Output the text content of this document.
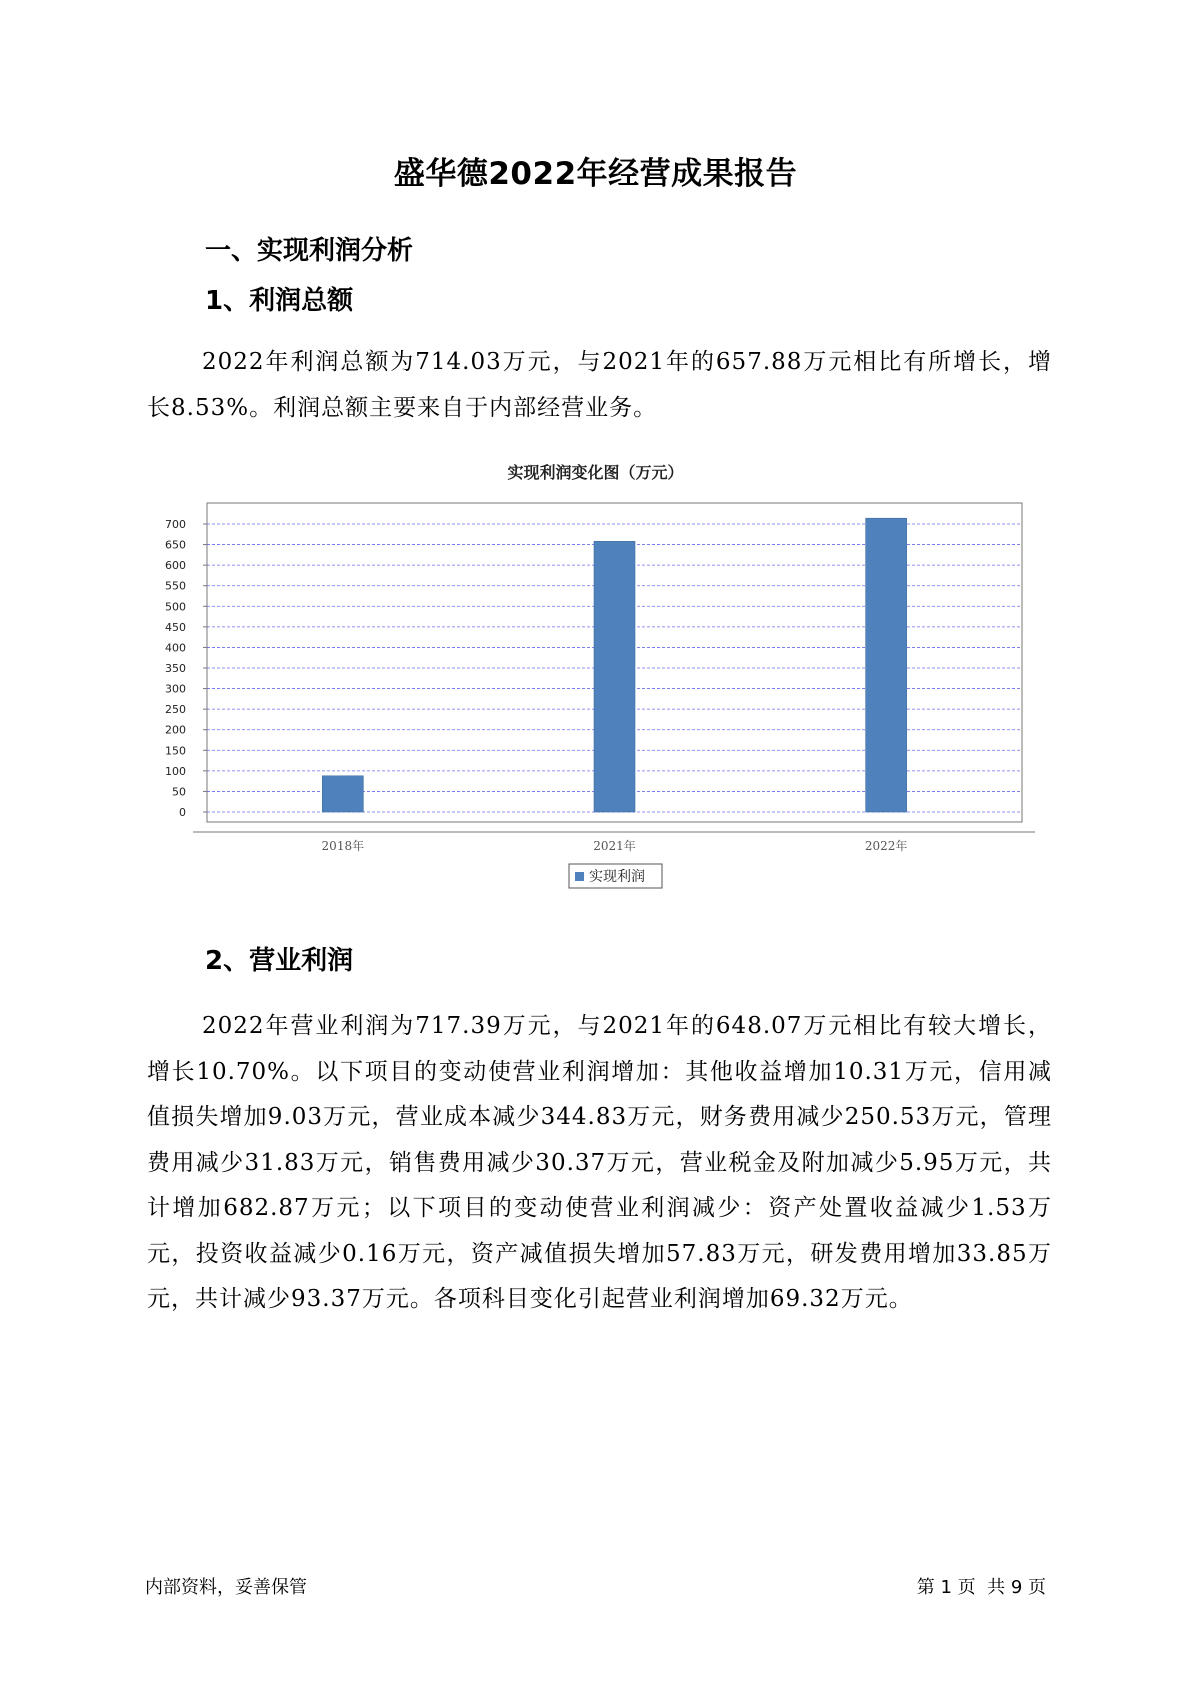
盛华德2022年经营成果报告
一、实现利润分析
1、利润总额

2022年利润总额为714.03万元，与2021年的657.88万元相比有所增长，增长8.53%。利润总额主要来自于内部经营业务。

实现利润变化图（万元）
0
50
100
150
200
250
300
350
400
450
500
550
600
650
700
2018年	2021年	2022年
实现利润
2、营业利润

2022年营业利润为717.39万元，与2021年的648.07万元相比有较大增长，增长10.70%。以下项目的变动使营业利润增加：其他收益增加10.31万元，信用减值损失增加9.03万元，营业成本减少344.83万元，财务费用减少250.53万元，管理费用减少31.83万元，销售费用减少30.37万元，营业税金及附加减少5.95万元，共计增加682.87万元；以下项目的变动使营业利润减少：资产处置收益减少1.53万元，投资收益减少0.16万元，资产减值损失增加57.83万元，研发费用增加33.85万元，共计减少93.37万元。各项科目变化引起营业利润增加69.32万元。

内部资料，妥善保管	第 1 页  共 9 页
